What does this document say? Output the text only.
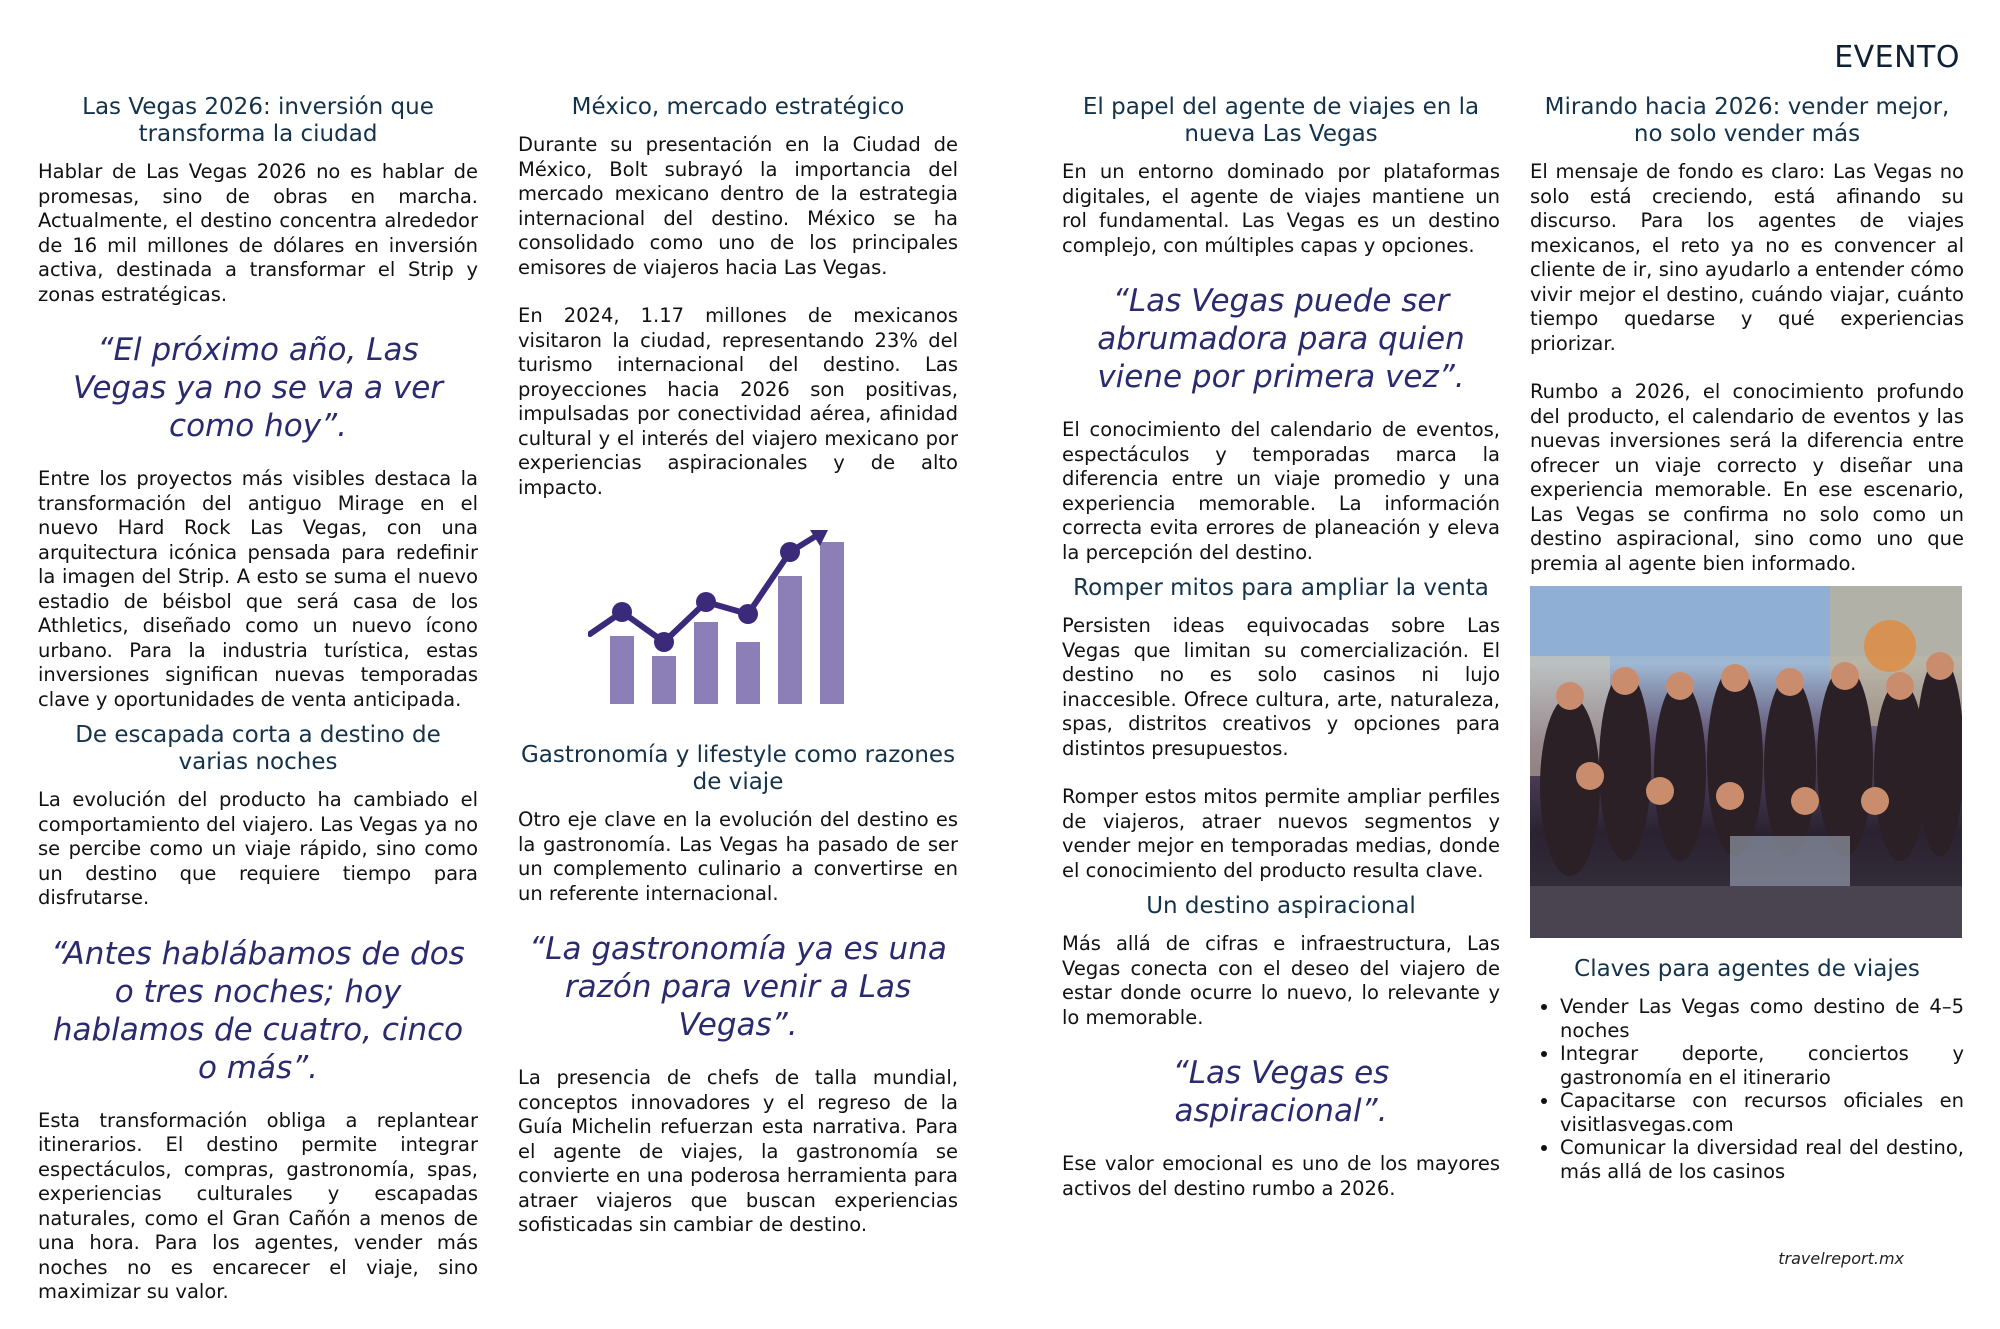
EVENTO
Las Vegas 2026: inversión que transforma la ciudad

Hablar de Las Vegas 2026 no es hablar de promesas, sino de obras en marcha. Actualmente, el destino concentra alrededor de 16 mil millones de dólares en inversión activa, destinada a transformar el Strip y zonas estratégicas.

“El próximo año, Las Vegas ya no se va a ver como hoy”.

Entre los proyectos más visibles destaca la transformación del antiguo Mirage en el nuevo Hard Rock Las Vegas, con una arquitectura icónica pensada para redefinir la imagen del Strip. A esto se suma el nuevo estadio de béisbol que será casa de los Athletics, diseñado como un nuevo ícono urbano. Para la industria turística, estas inversiones significan nuevas temporadas clave y oportunidades de venta anticipada.

De escapada corta a destino de varias noches

La evolución del producto ha cambiado el comportamiento del viajero. Las Vegas ya no se percibe como un viaje rápido, sino como un destino que requiere tiempo para disfrutarse.

“Antes hablábamos de dos o tres noches; hoy hablamos de cuatro, cinco o más”.

Esta transformación obliga a replantear itinerarios. El destino permite integrar espectáculos, compras, gastronomía, spas, experiencias culturales y escapadas naturales, como el Gran Cañón a menos de una hora. Para los agentes, vender más noches no es encarecer el viaje, sino maximizar su valor.

México, mercado estratégico

Durante su presentación en la Ciudad de México, Bolt subrayó la importancia del mercado mexicano dentro de la estrategia internacional del destino. México se ha consolidado como uno de los principales emisores de viajeros hacia Las Vegas.

En 2024, 1.17 millones de mexicanos visitaron la ciudad, representando 23% del turismo internacional del destino. Las proyecciones hacia 2026 son positivas, impulsadas por conectividad aérea, afinidad cultural y el interés del viajero mexicano por experiencias aspiracionales y de alto impacto.

Gastronomía y lifestyle como razones de viaje

Otro eje clave en la evolución del destino es la gastronomía. Las Vegas ha pasado de ser un complemento culinario a convertirse en un referente internacional.

“La gastronomía ya es una razón para venir a Las Vegas”.

La presencia de chefs de talla mundial, conceptos innovadores y el regreso de la Guía Michelin refuerzan esta narrativa. Para el agente de viajes, la gastronomía se convierte en una poderosa herramienta para atraer viajeros que buscan experiencias sofisticadas sin cambiar de destino.

El papel del agente de viajes en la nueva Las Vegas

En un entorno dominado por plataformas digitales, el agente de viajes mantiene un rol fundamental. Las Vegas es un destino complejo, con múltiples capas y opciones.

“Las Vegas puede ser abrumadora para quien viene por primera vez”.

El conocimiento del calendario de eventos, espectáculos y temporadas marca la diferencia entre un viaje promedio y una experiencia memorable. La información correcta evita errores de planeación y eleva la percepción del destino.

Romper mitos para ampliar la venta

Persisten ideas equivocadas sobre Las Vegas que limitan su comercialización. El destino no es solo casinos ni lujo inaccesible. Ofrece cultura, arte, naturaleza, spas, distritos creativos y opciones para distintos presupuestos.

Romper estos mitos permite ampliar perfiles de viajeros, atraer nuevos segmentos y vender mejor en temporadas medias, donde el conocimiento del producto resulta clave.

Un destino aspiracional

Más allá de cifras e infraestructura, Las Vegas conecta con el deseo del viajero de estar donde ocurre lo nuevo, lo relevante y lo memorable.

“Las Vegas es aspiracional”.

Ese valor emocional es uno de los mayores activos del destino rumbo a 2026.

Mirando hacia 2026: vender mejor, no solo vender más

El mensaje de fondo es claro: Las Vegas no solo está creciendo, está afinando su discurso. Para los agentes de viajes mexicanos, el reto ya no es convencer al cliente de ir, sino ayudarlo a entender cómo vivir mejor el destino, cuándo viajar, cuánto tiempo quedarse y qué experiencias priorizar.

Rumbo a 2026, el conocimiento profundo del producto, el calendario de eventos y las nuevas inversiones será la diferencia entre ofrecer un viaje correcto y diseñar una experiencia memorable. En ese escenario, Las Vegas se confirma no solo como un destino aspiracional, sino como uno que premia al agente bien informado.

Claves para agentes de viajes
• Vender Las Vegas como destino de 4–5 noches
• Integrar deporte, conciertos y gastronomía en el itinerario
• Capacitarse con recursos oficiales en visitlasvegas.com
• Comunicar la diversidad real del destino, más allá de los casinos
travelreport.mx
